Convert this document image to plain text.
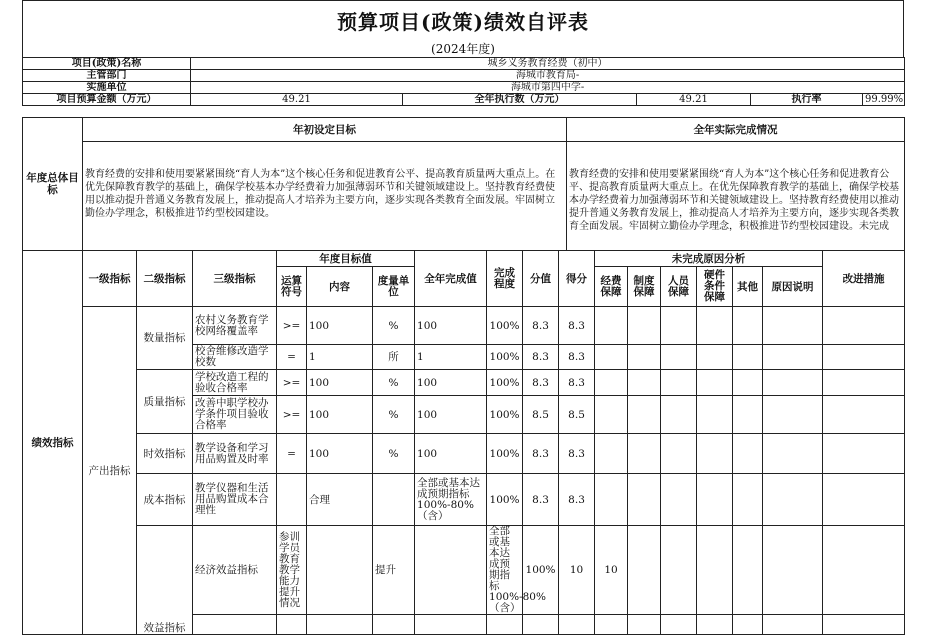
预算项目(政策)绩效自评表
(2024年度)
项目(政策)名称	城乡义务教育经费（初中）				
主管部门	海城市教育局-				
实施单位	海城市第四中学-				
项目预算金额（万元）	49.21	全年执行数（万元）	49.21	执行率	99.99%
年度总体目标	年初设定目标	全年实际完成情况
	教育经费的安排和使用要紧紧围绕“育人为本”这个核心任务和促进教育公平、提高教育质量两大重点上。在优先保障教育教学的基础上，确保学校基本办学经费着力加强薄弱环节和关键领域建设上。坚持教育经费使用以推动提升普通义务教育发展上，推动提高人才培养为主要方向，逐步实现各类教育全面发展。牢固树立勤俭办学理念，积极推进节约型校园建设。	教育经费的安排和使用要紧紧围绕“育人为本”这个核心任务和促进教育公平、提高教育质量两大重点上。在优先保障教育教学的基础上，确保学校基本办学经费着力加强薄弱环节和关键领域建设上。坚持教育经费使用以推动提升普通义务教育发展上，推动提高人才培养为主要方向，逐步实现各类教育全面发展。牢固树立勤俭办学理念，积极推进节约型校园建设。未完成
绩效指标	一级指标	二级指标	三级指标	年度目标值			全年完成值	完成程度	分值	得分	未完成原因分析						改进措施	
				运算符号	内容	度量单位					经费保障	制度保障	人员保障	硬件条件保障	其他	原因说明		
	产出指标	数量指标	农村义务教育学校网络覆盖率	>=	100	%	100	100%	8.3	8.3								
			校舍维修改造学校数	=	1	所	1	100%	8.3	8.3								
		质量指标	学校改造工程的验收合格率	>=	100	%	100	100%	8.3	8.3								
			改善中职学校办学条件项目验收合格率	>=	100	%	100	100%	8.5	8.5								
		时效指标	教学设备和学习用品购置及时率	=	100	%	100	100%	8.3	8.3								
		成本指标	教学仪器和生活用品购置成本合理性		合理		全部或基本达成预期指标100%-80%（含）	100%	8.3	8.3								
		效益指标	经济效益指标	参训学员教育教学能力提升情况		提升		全部或基本达成预期指标100%-80%（含）	100%	10	10							
